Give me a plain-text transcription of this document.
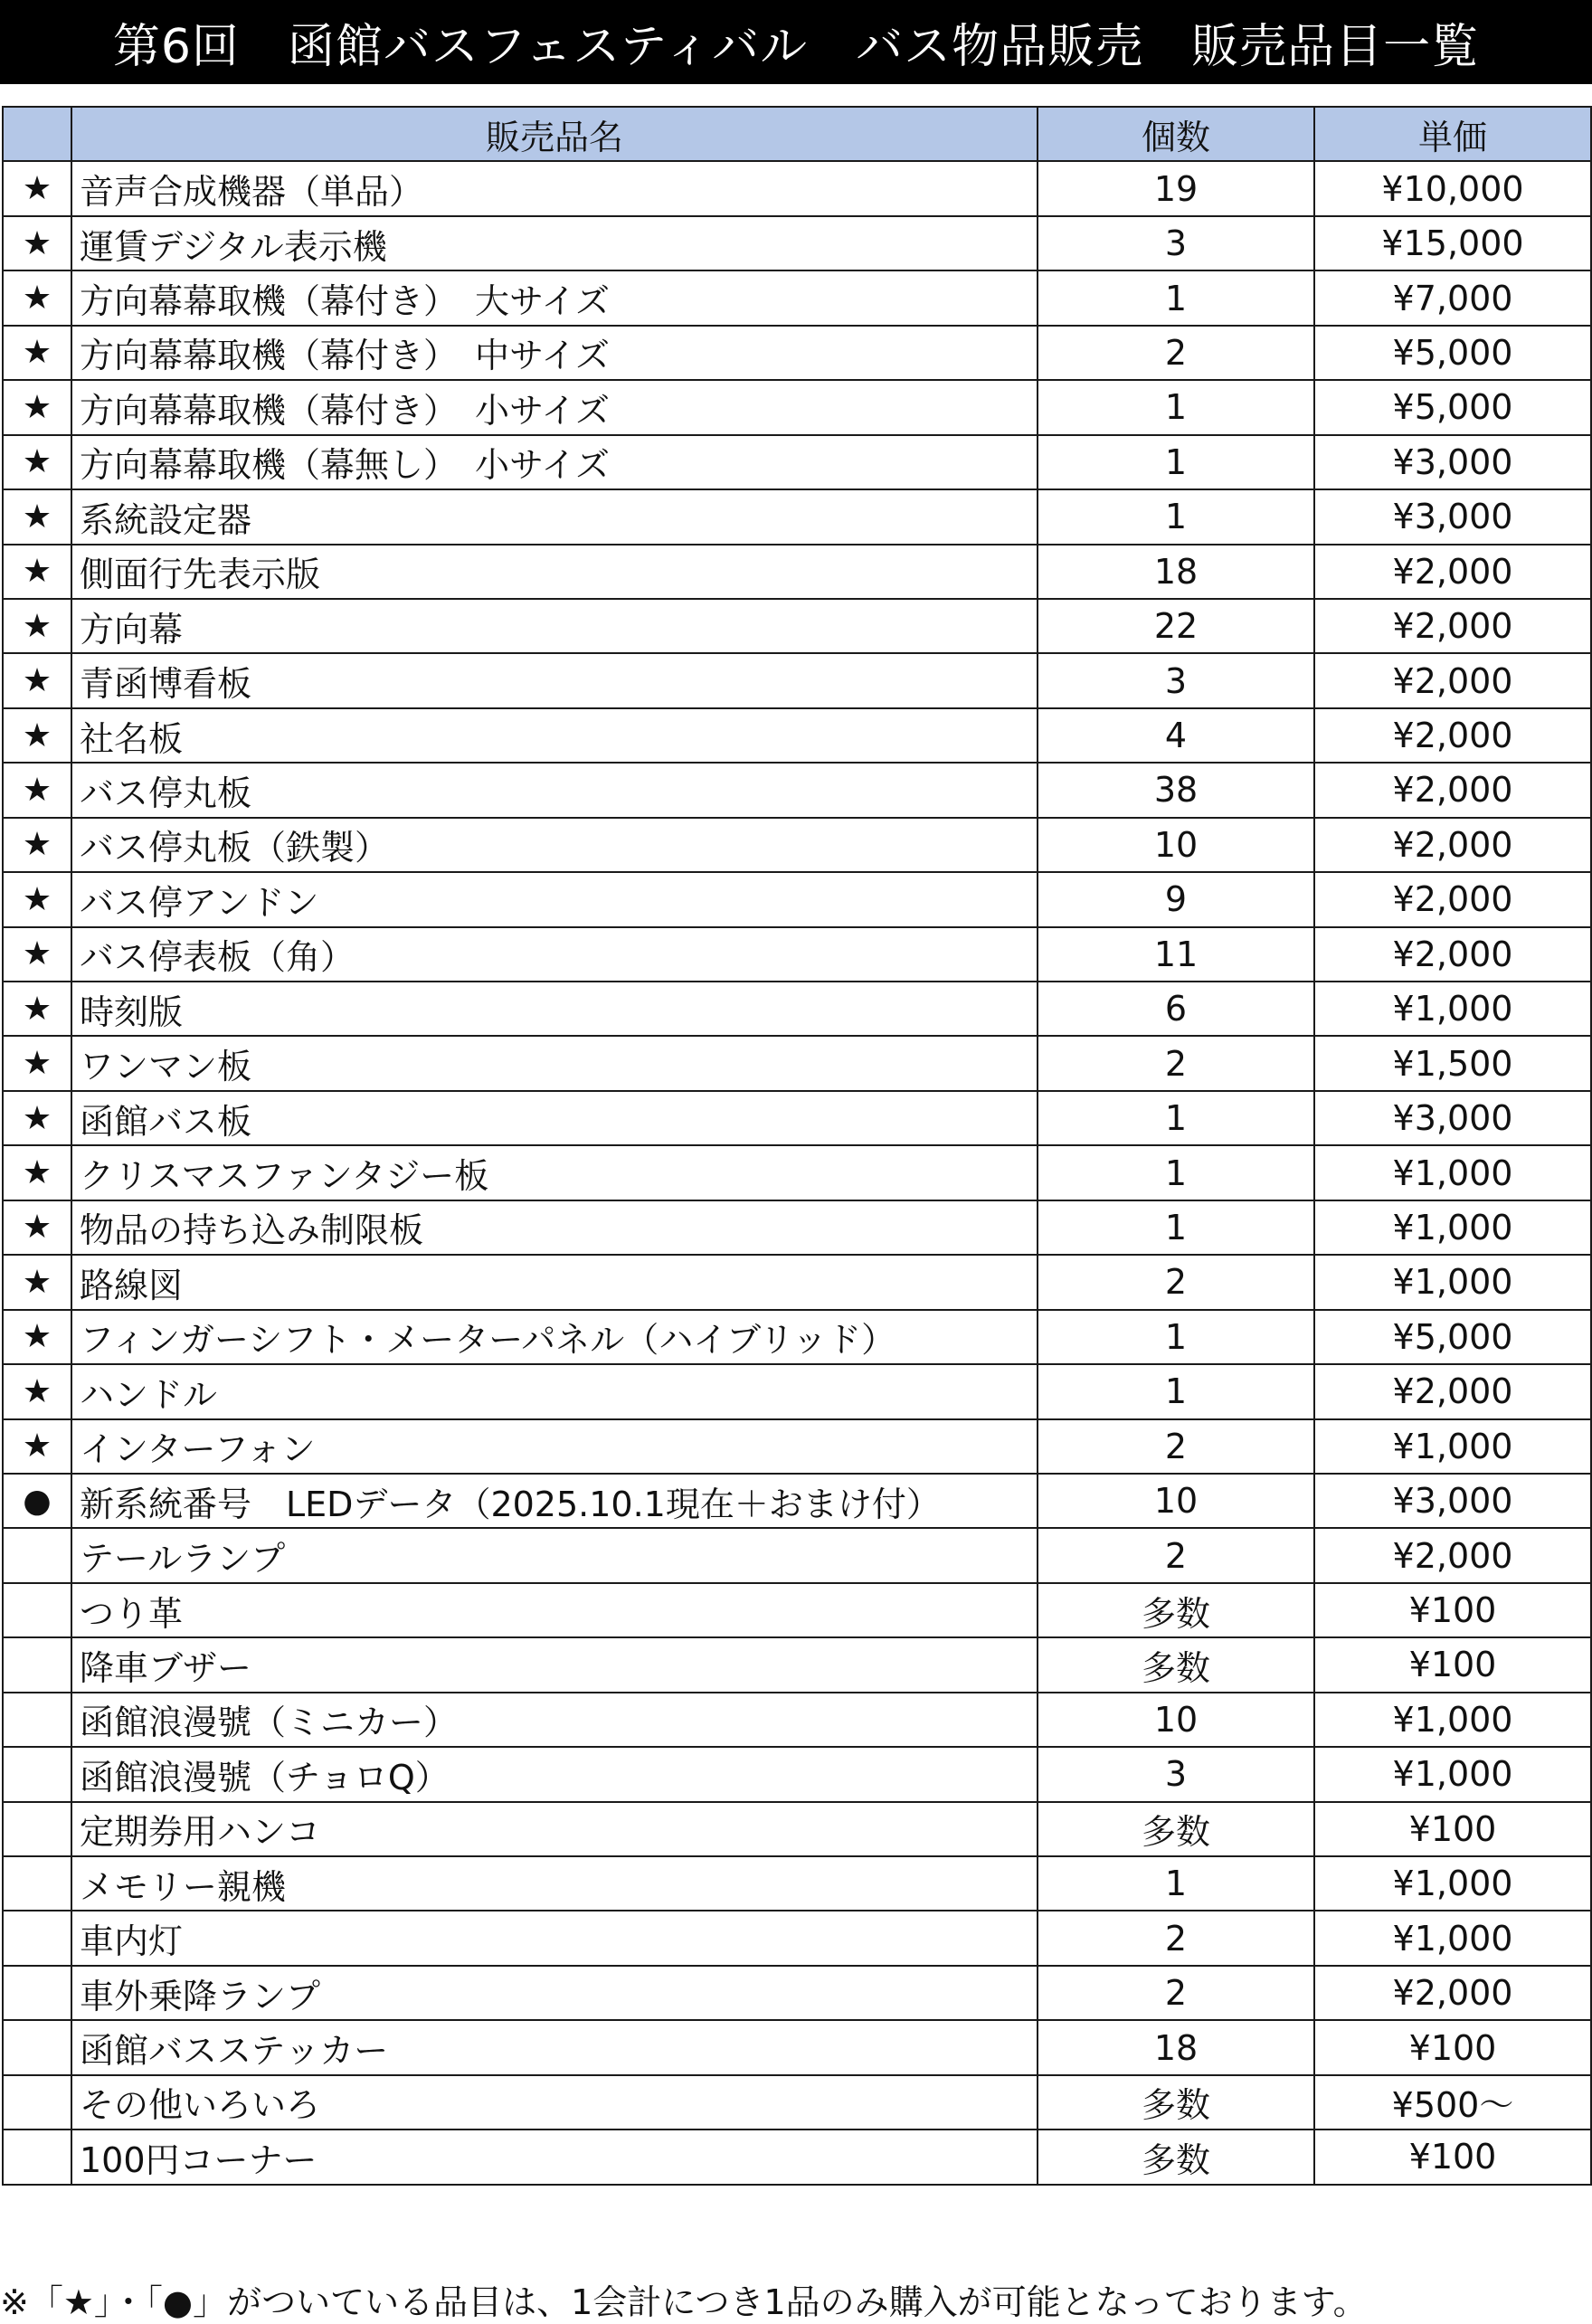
第6回　函館バスフェスティバル　バス物品販売　販売品目一覧
	販売品名	個数	単価
★	音声合成機器（単品）	19	¥10,000
★	運賃デジタル表示機	3	¥15,000
★	方向幕幕取機（幕付き）　大サイズ	1	¥7,000
★	方向幕幕取機（幕付き）　中サイズ	2	¥5,000
★	方向幕幕取機（幕付き）　小サイズ	1	¥5,000
★	方向幕幕取機（幕無し）　小サイズ	1	¥3,000
★	系統設定器	1	¥3,000
★	側面行先表示版	18	¥2,000
★	方向幕	22	¥2,000
★	青函博看板	3	¥2,000
★	社名板	4	¥2,000
★	バス停丸板	38	¥2,000
★	バス停丸板（鉄製）	10	¥2,000
★	バス停アンドン	9	¥2,000
★	バス停表板（角）	11	¥2,000
★	時刻版	6	¥1,000
★	ワンマン板	2	¥1,500
★	函館バス板	1	¥3,000
★	クリスマスファンタジー板	1	¥1,000
★	物品の持ち込み制限板	1	¥1,000
★	路線図	2	¥1,000
★	フィンガーシフト・メーターパネル（ハイブリッド）	1	¥5,000
★	ハンドル	1	¥2,000
★	インターフォン	2	¥1,000
●	新系統番号　LEDデータ（2025.10.1現在＋おまけ付）	10	¥3,000
	テールランプ	2	¥2,000
	つり革	多数	¥100
	降車ブザー	多数	¥100
	函館浪漫號（ミニカー）	10	¥1,000
	函館浪漫號（チョロQ）	3	¥1,000
	定期券用ハンコ	多数	¥100
	メモリー親機	1	¥1,000
	車内灯	2	¥1,000
	車外乗降ランプ	2	¥2,000
	函館バスステッカー	18	¥100
	その他いろいろ	多数	¥500～
	100円コーナー	多数	¥100
※「★」・「●」がついている品目は、1会計につき1品のみ購入が可能となっております。
